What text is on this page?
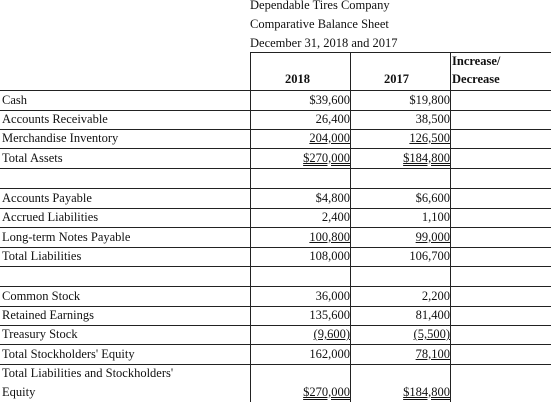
Dependable Tires Company
Comparative Balance Sheet
December 31, 2018 and 2017
2018	2017
Increase/
Decrease
Cash	$39,600	$19,800
Accounts Receivable	26,400	38,500
Merchandise Inventory	204,000	126,500
Total Assets	$270,000	$184,800
Accounts Payable	$4,800	$6,600
Accrued Liabilities	2,400	1,100
Long-term Notes Payable	100,800	99,000
Total Liabilities	108,000	106,700
Common Stock	36,000	2,200
Retained Earnings	135,600	81,400
Treasury Stock	(9,600)	(5,500)
Total Stockholders' Equity	162,000	78,100
Total Liabilities and Stockholders'
Equity	$270,000	$184,800
